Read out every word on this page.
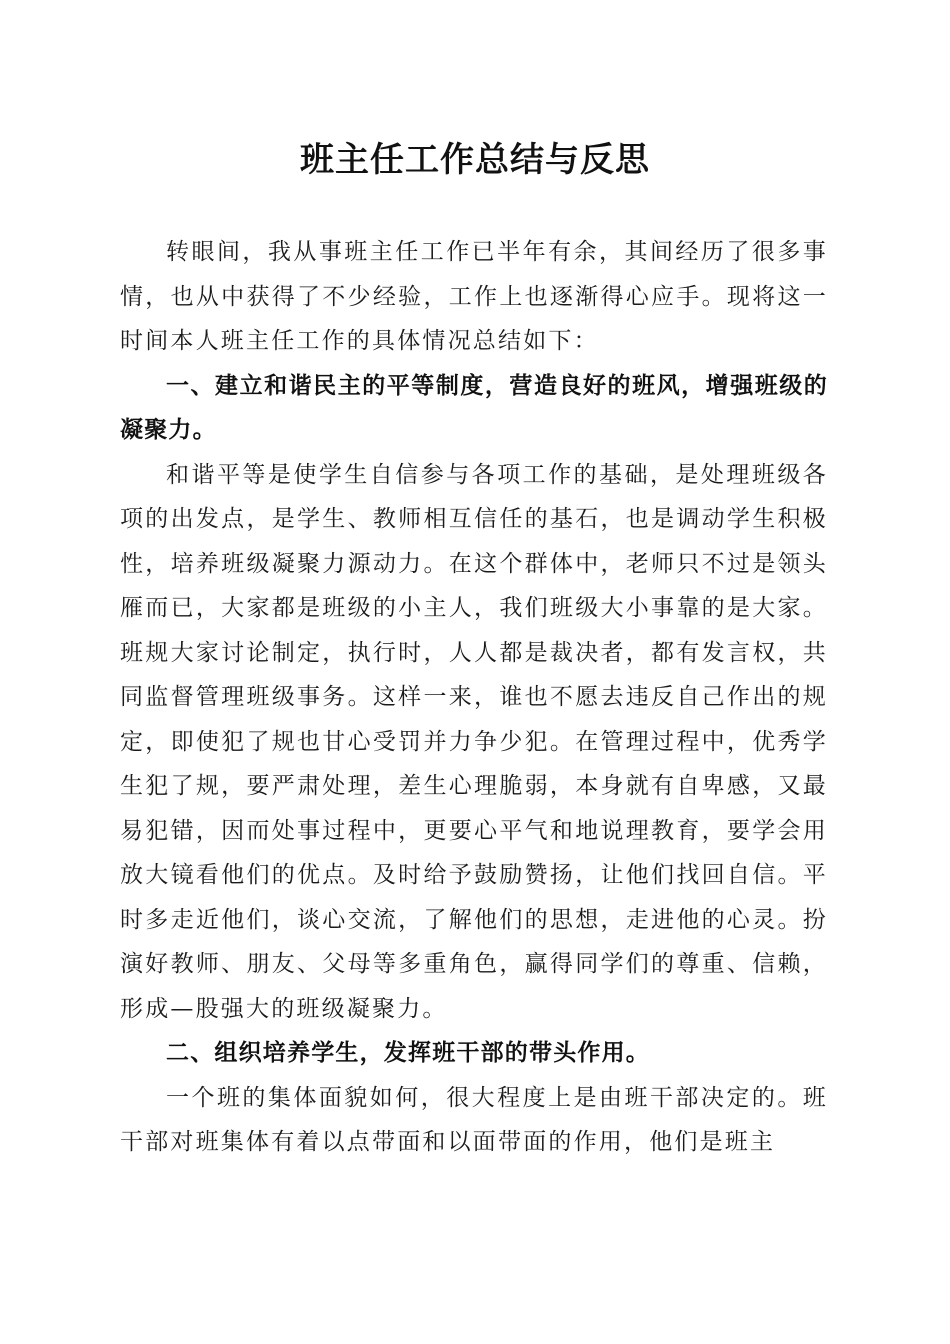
班主任工作总结与反思

转眼间，我从事班主任工作已半年有余，其间经历了很多事情，也从中获得了不少经验，工作上也逐渐得心应手。现将这一时间本人班主任工作的具体情况总结如下：

一、建立和谐民主的平等制度，营造良好的班风，增强班级的凝聚力。

和谐平等是使学生自信参与各项工作的基础，是处理班级各项的出发点，是学生、教师相互信任的基石，也是调动学生积极性，培养班级凝聚力源动力。在这个群体中，老师只不过是领头雁而已，大家都是班级的小主人，我们班级大小事靠的是大家。班规大家讨论制定，执行时，人人都是裁决者，都有发言权，共同监督管理班级事务。这样一来，谁也不愿去违反自己作出的规定，即使犯了规也甘心受罚并力争少犯。在管理过程中，优秀学生犯了规，要严肃处理，差生心理脆弱，本身就有自卑感，又最易犯错，因而处事过程中，更要心平气和地说理教育，要学会用放大镜看他们的优点。及时给予鼓励赞扬，让他们找回自信。平时多走近他们，谈心交流，了解他们的思想，走进他的心灵。扮演好教师、朋友、父母等多重角色，赢得同学们的尊重、信赖，形成—股强大的班级凝聚力。

二、组织培养学生，发挥班干部的带头作用。

一个班的集体面貌如何，很大程度上是由班干部决定的。班干部对班集体有着以点带面和以面带面的作用，他们是班主
